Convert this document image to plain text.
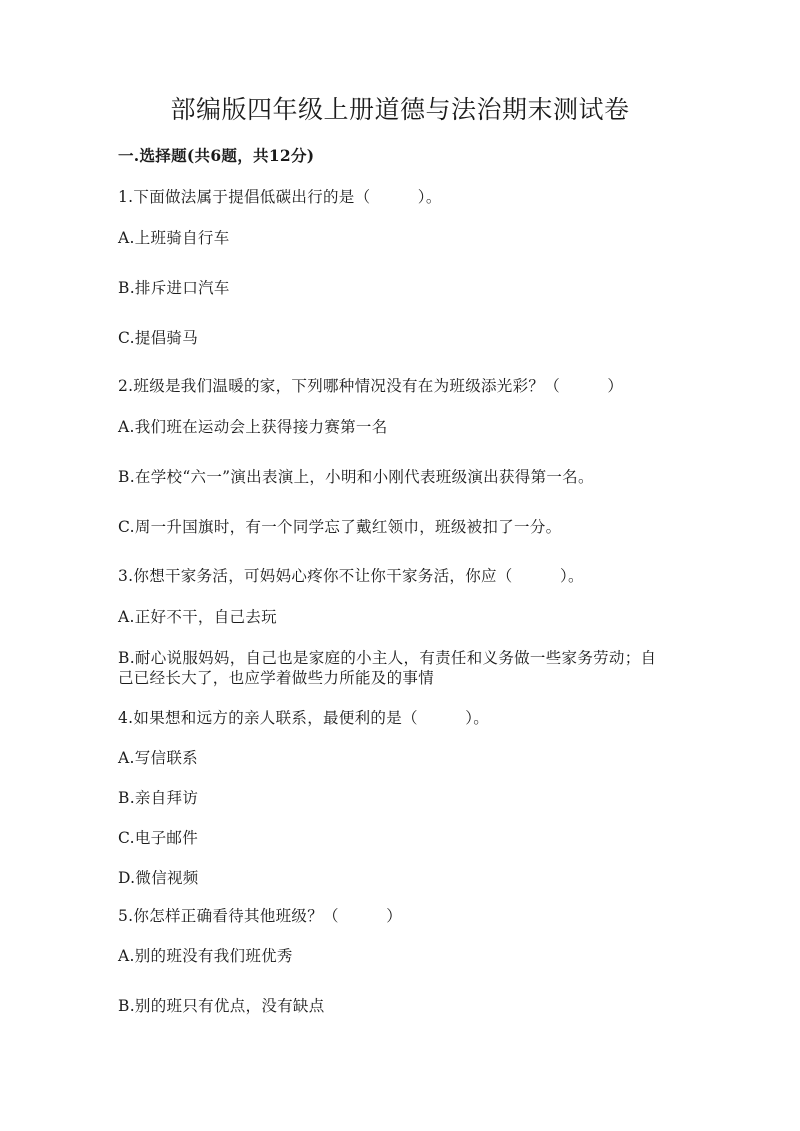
部编版四年级上册道德与法治期末测试卷
一.选择题(共6题，共12分)
1.下面做法属于提倡低碳出行的是（　　　）。
A.上班骑自行车
B.排斥进口汽车
C.提倡骑马
2.班级是我们温暖的家，下列哪种情况没有在为班级添光彩？（　　　）
A.我们班在运动会上获得接力赛第一名
B.在学校“六一”演出表演上，小明和小刚代表班级演出获得第一名。
C.周一升国旗时，有一个同学忘了戴红领巾，班级被扣了一分。
3.你想干家务活，可妈妈心疼你不让你干家务活，你应（　　　）。
A.正好不干，自己去玩
B.耐心说服妈妈，自己也是家庭的小主人，有责任和义务做一些家务劳动；自
己已经长大了，也应学着做些力所能及的事情
4.如果想和远方的亲人联系，最便利的是（　　　）。
A.写信联系
B.亲自拜访
C.电子邮件
D.微信视频
5.你怎样正确看待其他班级？（　　　）
A.别的班没有我们班优秀
B.别的班只有优点，没有缺点
